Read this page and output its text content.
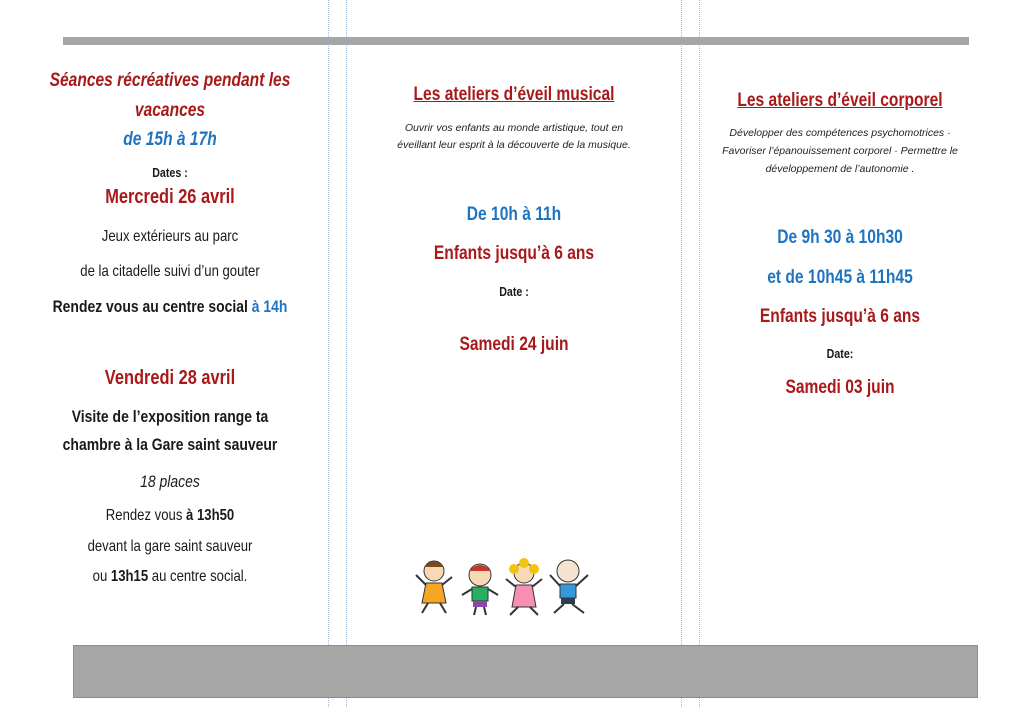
Séances récréatives pendant les
vacances
de 15h à 17h
Dates :
Mercredi 26 avril
Jeux extérieurs au parc
de la citadelle suivi d’un gouter
Rendez vous au centre social à 14h
Vendredi 28 avril
Visite de l’exposition range ta
chambre à la Gare saint sauveur
18 places
Rendez vous à 13h50
devant la gare saint sauveur
ou 13h15 au centre social.
Les ateliers d’éveil musical
Ouvrir vos enfants au monde artistique, tout en
éveillant leur esprit à la découverte de la musique.
De 10h à 11h
Enfants jusqu’à 6 ans
Date :
Samedi 24 juin
Les ateliers d’éveil corporel
Développer des compétences psychomotrices ·
Favoriser l’épanouissement corporel · Permettre le
développement de l’autonomie .
De 9h 30 à 10h30
et de 10h45 à 11h45
Enfants jusqu’à 6 ans
Date:
Samedi 03 juin
